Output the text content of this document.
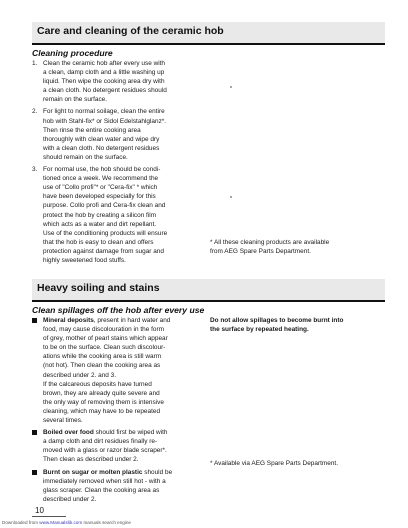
Care and cleaning of the ceramic hob
Cleaning procedure
1. Clean the ceramic hob after every use with
a clean, damp cloth and a little washing up
liquid. Then wipe the cooking area dry with
a clean cloth. No detergent residues should
remain on the surface.
2. For light to normal soilage, clean the entire
hob with Stahl-fix* or Sidol Edelstahlglanz*.
Then rinse the entire cooking area
thoroughly with clean water and wipe dry
with a clean cloth. No detergent residues
should remain on the surface.
3. For normal use, the hob should be condi-
tioned once a week. We recommend the
use of "Collo profi"* or "Cera-fix" * which
have been developed especially for this
purpose. Collo profi and Cera-fix clean and
protect the hob by creating a silicon film
which acts as a water and dirt repellant.
Use of the conditioning products will ensure
that the hob is easy to clean and offers
protection against damage from sugar and
highly sweetened food stuffs.
* All these cleaning products are available
from AEG Spare Parts Department.
Heavy soiling and stains
Clean spillages off the hob after every use
Mineral deposits, present in hard water and
food, may cause discolouration in the form
of grey, mother of pearl stains which appear
to be on the surface. Clean such discolour-
ations while the cooking area is still warm
(not hot). Then clean the cooking area as
described under 2. and 3.
If the calcareous deposits have turned
brown, they are already quite severe and
the only way of removing them is intensive
cleaning, which may have to be repeated
several times.
Boiled over food should first be wiped with
a damp cloth and dirt residues finally re-
moved with a glass or razor blade scraper*.
Then clean as described under 2.
Burnt on sugar or molten plastic should be
immediately removed when still hot - with a
glass scraper. Clean the cooking area as
described under 2.
Do not allow spillages to become burnt into
the surface by repeated heating.
* Available via AEG Spare Parts Department.
10
Downloaded from www.Manualslib.com manuals search engine
